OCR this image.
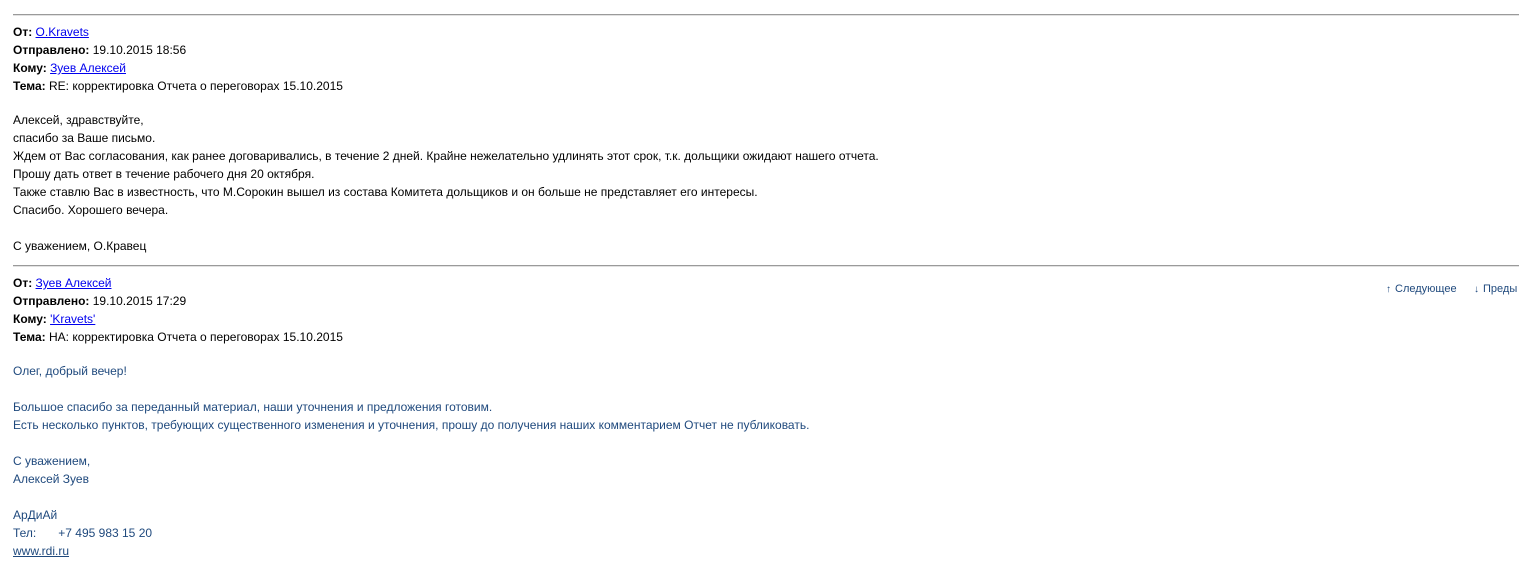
От: O.Kravets
Отправлено: 19.10.2015 18:56
Кому: Зуев Алексей
Тема: RE: корректировка Отчета о переговорах 15.10.2015
Алексей, здравствуйте,
спасибо за Ваше письмо.
Ждем от Вас согласования, как ранее договаривались, в течение 2 дней. Крайне нежелательно удлинять этот срок, т.к. дольщики ожидают нашего отчета.
Прошу дать ответ в течение рабочего дня 20 октября.
Также ставлю Вас в известность, что М.Сорокин вышел из состава Комитета дольщиков и он больше не представляет его интересы.
Спасибо. Хорошего вечера.
С уважением, О.Кравец
↑ Следующее ↓ Преды
От: Зуев Алексей
Отправлено: 19.10.2015 17:29
Кому: 'Kravets'
Тема: НА: корректировка Отчета о переговорах 15.10.2015
Олег, добрый вечер!
Большое спасибо за переданный материал, наши уточнения и предложения готовим.
Есть несколько пунктов, требующих существенного изменения и уточнения, прошу до получения наших комментарием Отчет не публиковать.
С уважением,
Алексей Зуев
АрДиАй
Тел: +7 495 983 15 20
www.rdi.ru
